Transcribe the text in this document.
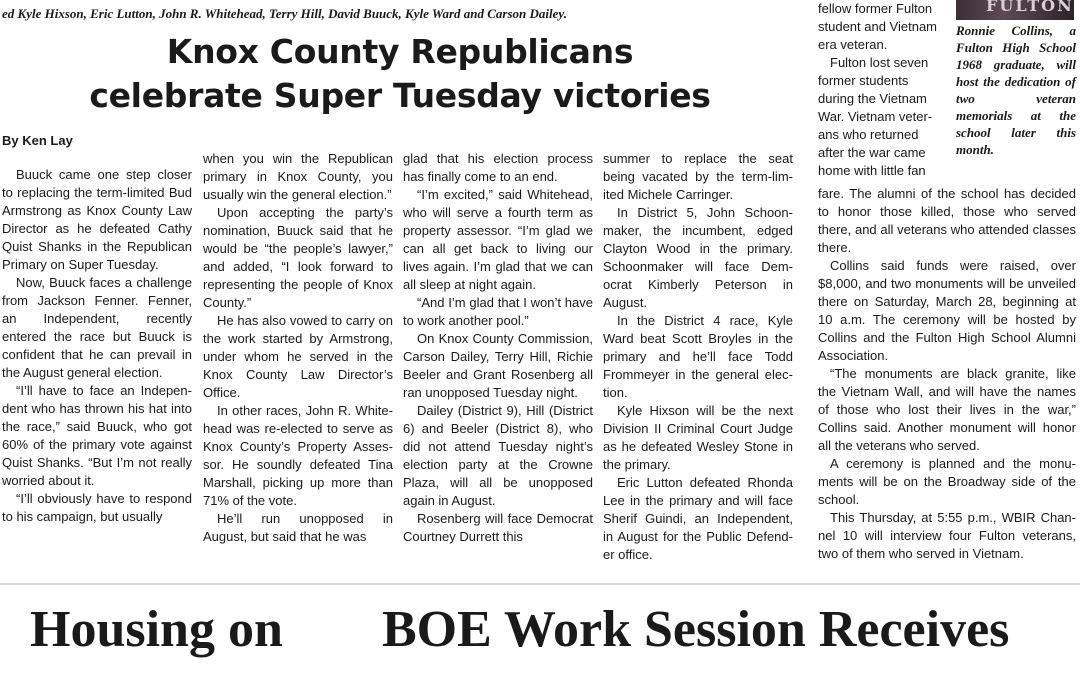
ed Kyle Hixson, Eric Lutton, John R. Whitehead, Terry Hill, David Buuck, Kyle Ward and Carson Dailey.
Knox County Republicans
celebrate Super Tuesday victories
By Ken Lay

Buuck came one step closer to replacing the term-limited Bud Armstrong as Knox County Law Director as he defeated Cathy Quist Shanks in the Republican Primary on Super Tuesday.

Now, Buuck faces a challenge from Jackson Fenner. Fenner, an Independent, recently entered the race but Buuck is confident that he can prevail in the August general election.

“I’ll have to face an Independent who has thrown his hat into the race,” said Buuck, who got 60% of the primary vote against Quist Shanks. “But I’m not really worried about it.

“I’ll obviously have to respond to his campaign, but usually

when you win the Republican primary in Knox County, you usually win the general election.”

Upon accepting the party’s nomination, Buuck said that he would be “the people’s lawyer,” and added, “I look forward to representing the people of Knox County.”

He has also vowed to carry on the work started by Armstrong, under whom he served in the Knox County Law Director’s Office.

In other races, John R. Whitehead was re-elected to serve as Knox County’s Property Assessor. He soundly defeated Tina Marshall, picking up more than 71% of the vote.

He’ll run unopposed in August, but said that he was

glad that his election process has finally come to an end.

“I’m excited,” said Whitehead, who will serve a fourth term as property assessor. “I’m glad we can all get back to living our lives again. I’m glad that we can all sleep at night again.

“And I’m glad that I won’t have to work another pool.”

On Knox County Commission, Carson Dailey, Terry Hill, Richie Beeler and Grant Rosenberg all ran unopposed Tuesday night.

Dailey (District 9), Hill (District 6) and Beeler (District 8), who did not attend Tuesday night’s election party at the Crowne Plaza, will all be unopposed again in August.

Rosenberg will face Democrat Courtney Durrett this

summer to replace the seat being vacated by the term-limited Michele Carringer.

In District 5, John Schoonmaker, the incumbent, edged Clayton Wood in the primary. Schoonmaker will face Democrat Kimberly Peterson in August.

In the District 4 race, Kyle Ward beat Scott Broyles in the primary and he’ll face Todd Frommeyer in the general election.

Kyle Hixson will be the next Division II Criminal Court Judge as he defeated Wesley Stone in the primary.

Eric Lutton defeated Rhonda Lee in the primary and will face Sherif Guindi, an Independent, in August for the Public Defender office.

fellow former Fulton student and Vietnam era veteran.

Fulton lost seven former students during the Vietnam War. Vietnam veterans who returned after the war came home with little fan

FULTON
Ronnie Collins, a Fulton High School 1968 graduate, will host the dedication of two veteran memorials at the school later this month.

fare. The alumni of the school has decided to honor those killed, those who served there, and all veterans who attended classes there.

Collins said funds were raised, over $8,000, and two monuments will be unveiled there on Saturday, March 28, beginning at 10 a.m. The ceremony will be hosted by Collins and the Fulton High School Alumni Association.

“The monuments are black granite, like the Vietnam Wall, and will have the names of those who lost their lives in the war,” Collins said. Another monument will honor all the veterans who served.

A ceremony is planned and the monuments will be on the Broadway side of the school.

This Thursday, at 5:55 p.m., WBIR Channel 10 will interview four Fulton veterans, two of them who served in Vietnam.

Housing on BOE Work Session Receives
